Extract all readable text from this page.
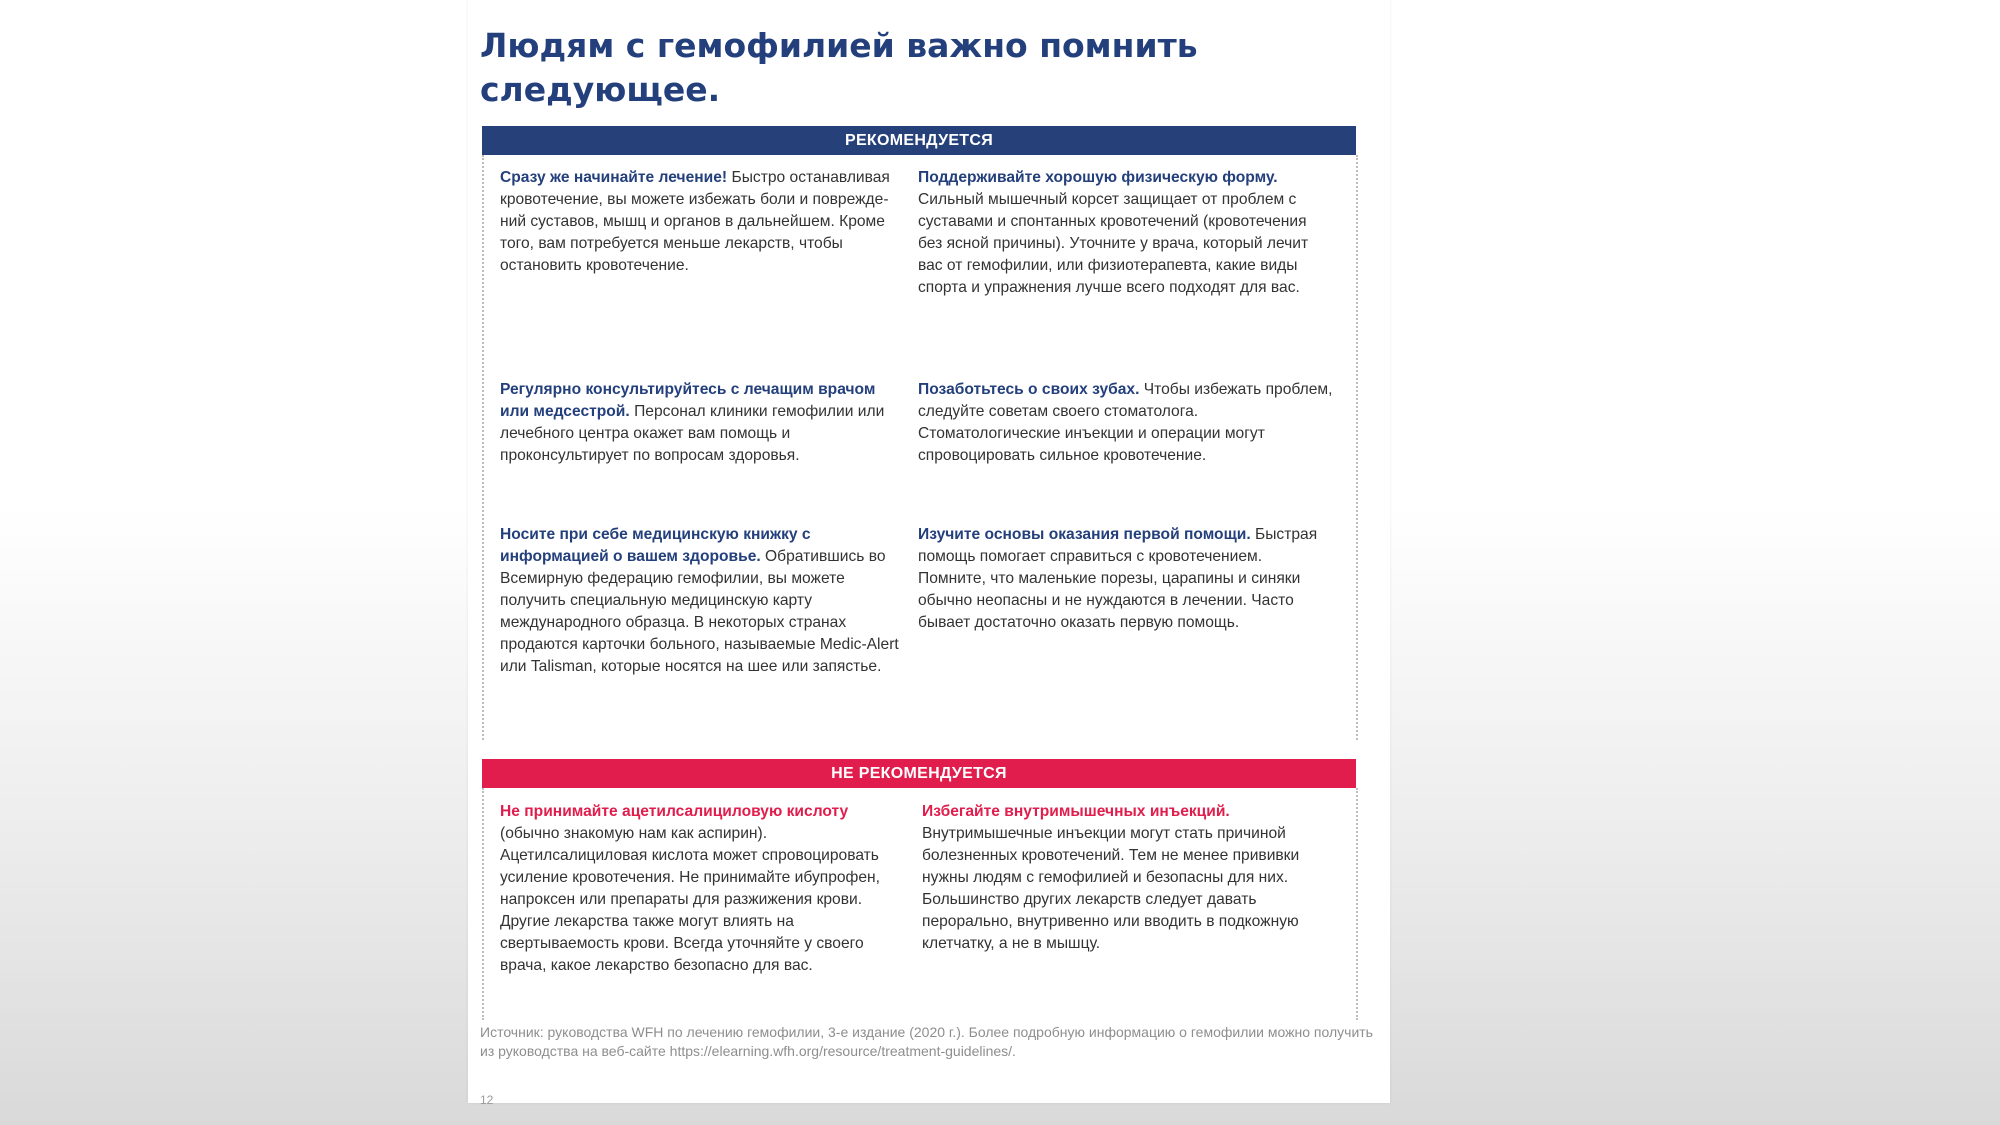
Людям с гемофилией важно помнить следующее.
РЕКОМЕНДУЕТСЯ

Сразу же начинайте лечение! Быстро останавливая кровотечение, вы можете избежать боли и повреждений суставов, мышц и органов в дальнейшем. Кроме того, вам потребуется меньше лекарств, чтобы остановить кровотечение.

Поддерживайте хорошую физическую форму. Сильный мышечный корсет защищает от проблем с суставами и спонтанных кровотечений (кровотечения без ясной причины). Уточните у врача, который лечит вас от гемофилии, или физиотерапевта, какие виды спорта и упражнения лучше всего подходят для вас.

Регулярно консультируйтесь с лечащим врачом или медсестрой. Персонал клиники гемофилии или лечебного центра окажет вам помощь и проконсультирует по вопросам здоровья.

Позаботьтесь о своих зубах. Чтобы избежать проблем, следуйте советам своего стоматолога. Стоматологические инъекции и операции могут спровоцировать сильное кровотечение.

Носите при себе медицинскую книжку с информацией о вашем здоровье. Обратившись во Всемирную федерацию гемофилии, вы можете получить специальную медицинскую карту международного образца. В некоторых странах продаются карточки больного, называемые Medic-Alert или Talisman, которые носятся на шее или запястье.

Изучите основы оказания первой помощи. Быстрая помощь помогает справиться с кровотечением. Помните, что маленькие порезы, царапины и синяки обычно неопасны и не нуждаются в лечении. Часто бывает достаточно оказать первую помощь.

НЕ РЕКОМЕНДУЕТСЯ

Не принимайте ацетилсалициловую кислоту (обычно знакомую нам как аспирин). Ацетилсалициловая кислота может спровоцировать усиление кровотечения. Не принимайте ибупрофен, напроксен или препараты для разжижения крови. Другие лекарства также могут влиять на свертываемость крови. Всегда уточняйте у своего врача, какое лекарство безопасно для вас.

Избегайте внутримышечных инъекций. Внутримышечные инъекции могут стать причиной болезненных кровотечений. Тем не менее прививки нужны людям с гемофилией и безопасны для них. Большинство других лекарств следует давать перорально, внутривенно или вводить в подкожную клетчатку, а не в мышцу.

Источник: руководства WFH по лечению гемофилии, 3-е издание (2020 г.). Более подробную информацию о гемофилии можно получить из руководства на веб-сайте https://elearning.wfh.org/resource/treatment-guidelines/.

12
